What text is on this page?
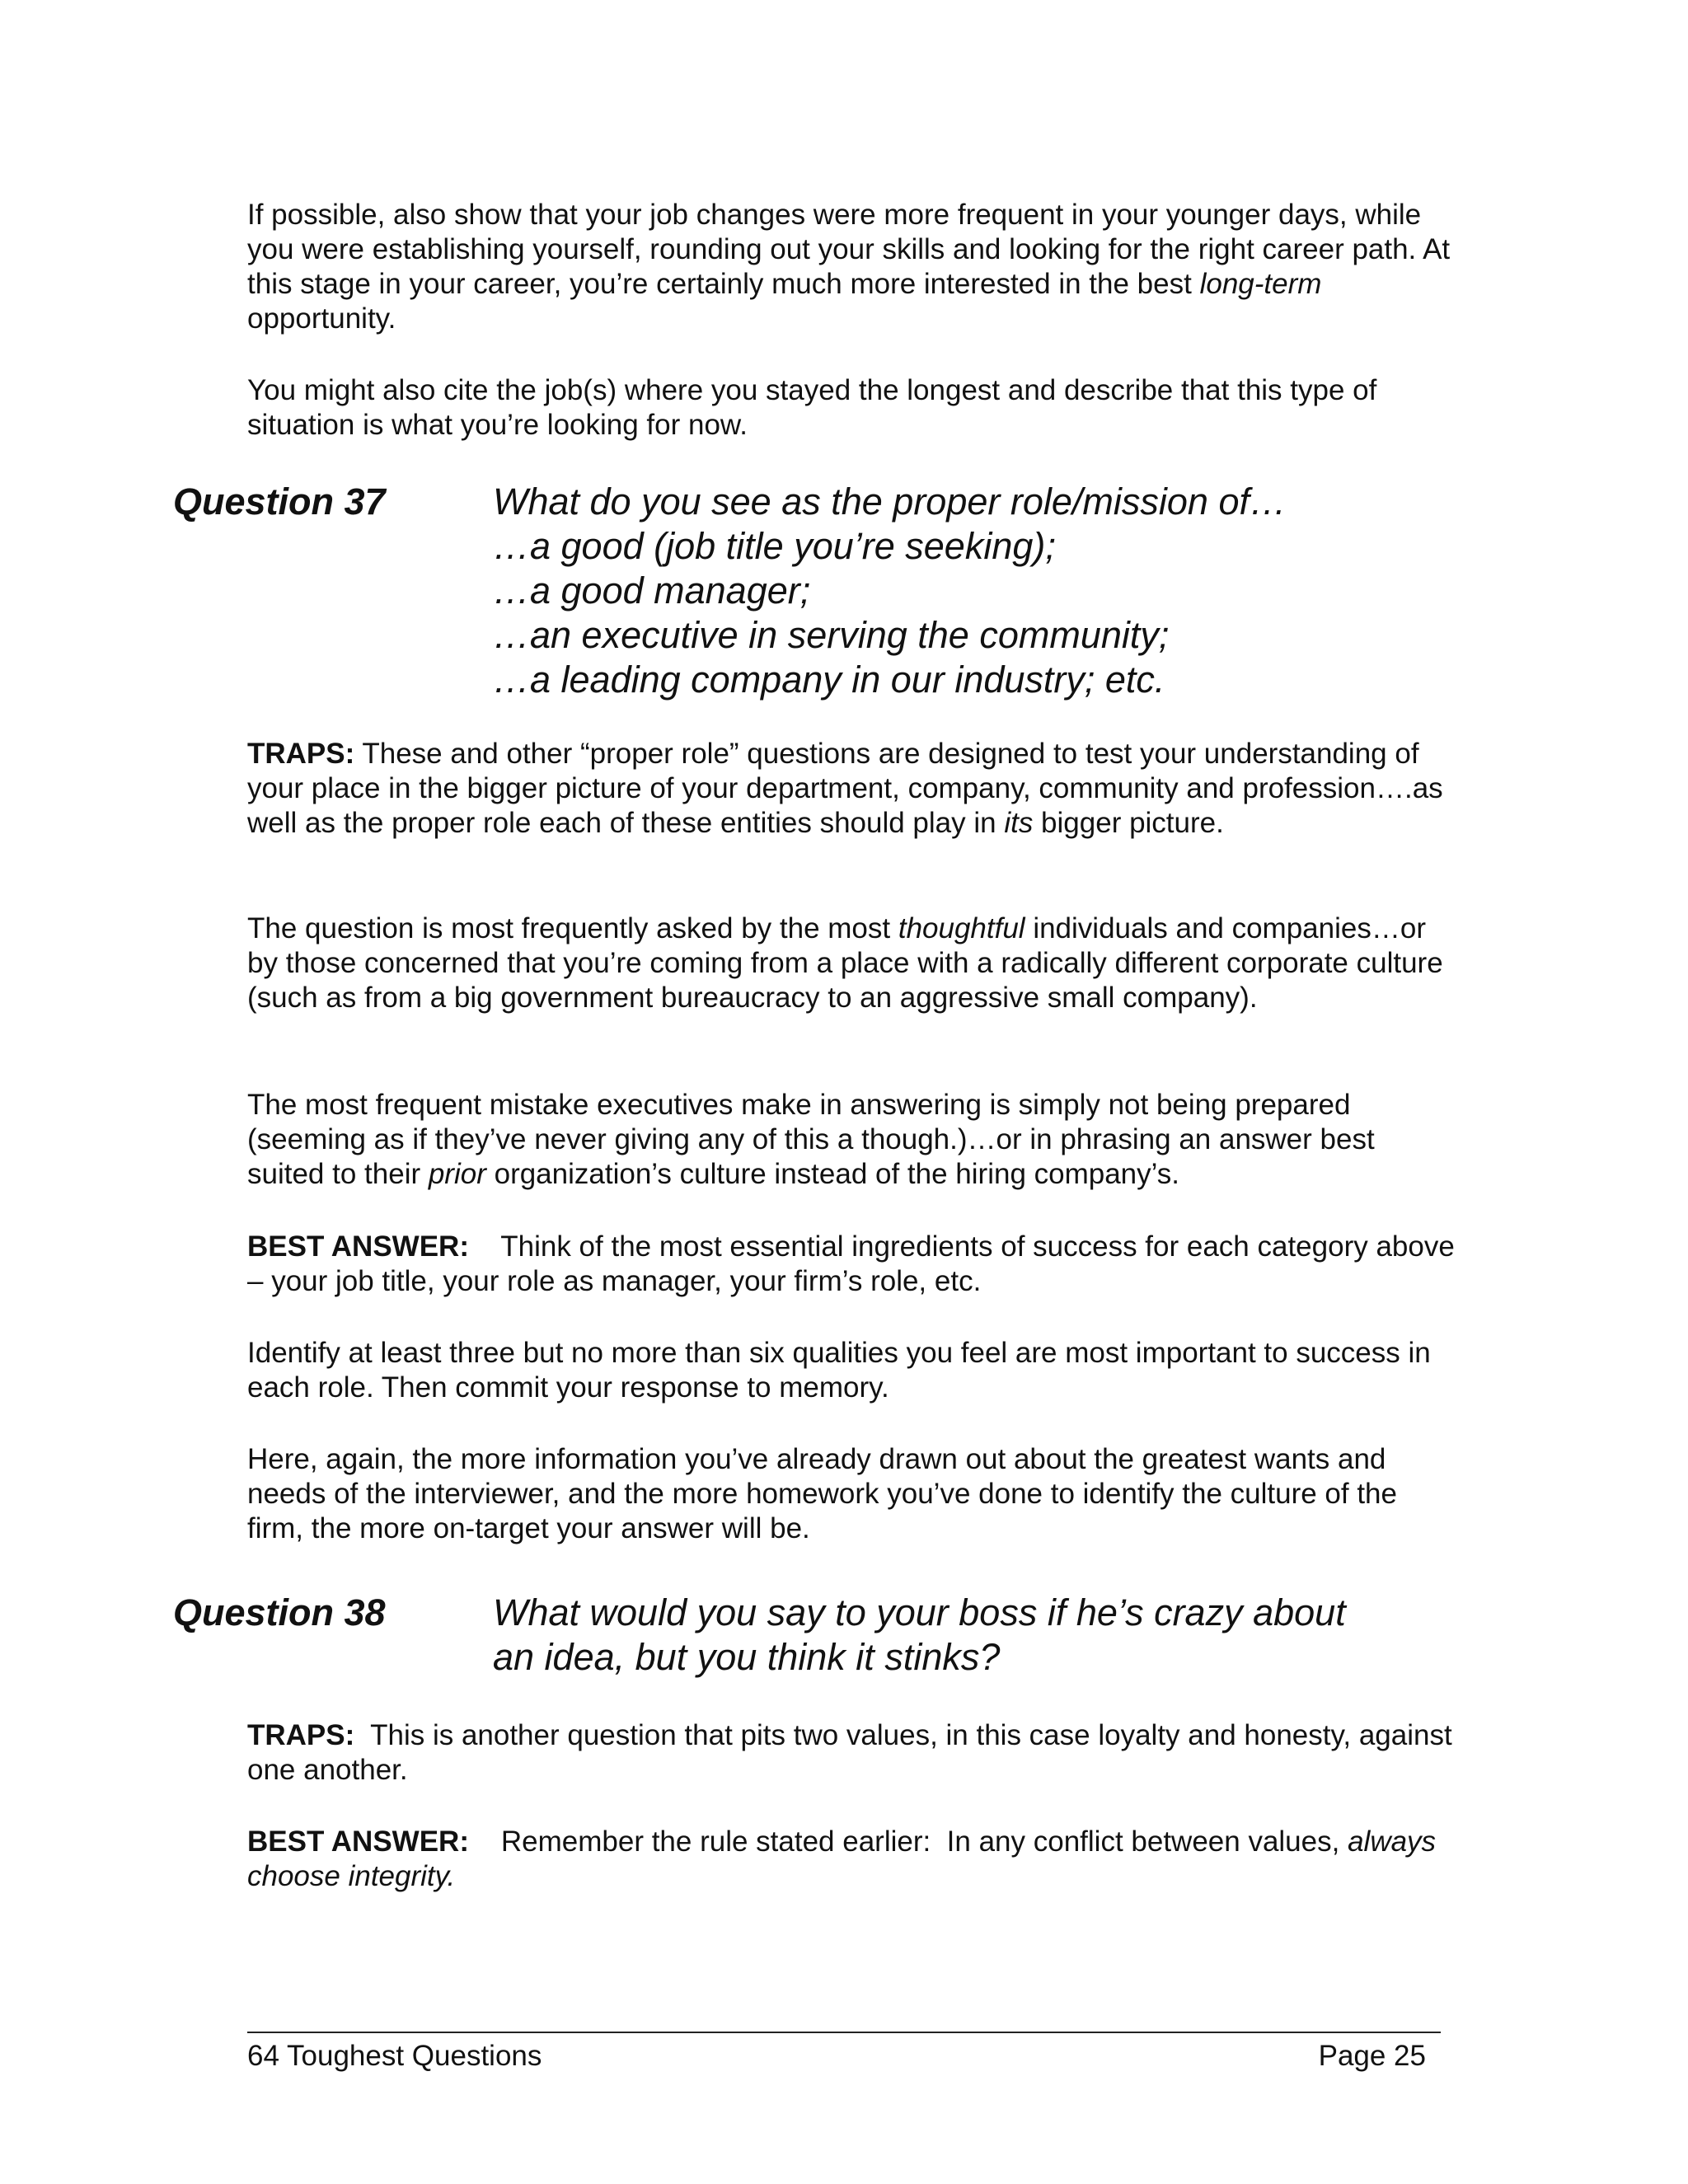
If possible, also show that your job changes were more frequent in your younger days, while you were establishing yourself, rounding out your skills and looking for the right career path. At this stage in your career, you’re certainly much more interested in the best long-term opportunity.

You might also cite the job(s) where you stayed the longest and describe that this type of situation is what you’re looking for now.

Question 37	What do you see as the proper role/mission of…
…a good (job title you’re seeking);
…a good manager;
…an executive in serving the community;
…a leading company in our industry; etc.

TRAPS: These and other “proper role” questions are designed to test your understanding of your place in the bigger picture of your department, company, community and profession….as well as the proper role each of these entities should play in its bigger picture.

The question is most frequently asked by the most thoughtful individuals and companies…or by those concerned that you’re coming from a place with a radically different corporate culture (such as from a big government bureaucracy to an aggressive small company).

The most frequent mistake executives make in answering is simply not being prepared (seeming as if they’ve never giving any of this a though.)…or in phrasing an answer best suited to their prior organization’s culture instead of the hiring company’s.

BEST ANSWER:    Think of the most essential ingredients of success for each category above – your job title, your role as manager, your firm’s role, etc.

Identify at least three but no more than six qualities you feel are most important to success in each role. Then commit your response to memory.

Here, again, the more information you’ve already drawn out about the greatest wants and needs of the interviewer, and the more homework you’ve done to identify the culture of the firm, the more on-target your answer will be.

Question 38	What would you say to your boss if he’s crazy about
an idea, but you think it stinks?

TRAPS:  This is another question that pits two values, in this case loyalty and honesty, against one another.

BEST ANSWER:    Remember the rule stated earlier:  In any conflict between values, always choose integrity.

64 Toughest Questions	Page 25
